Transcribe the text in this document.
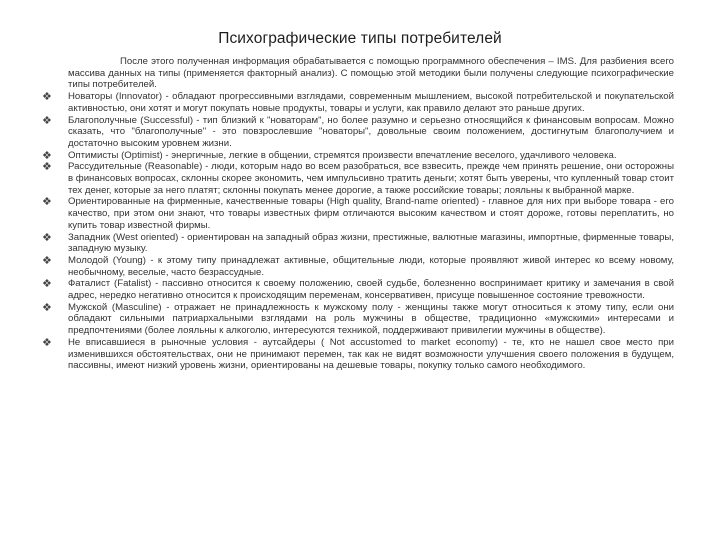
Психографические типы потребителей

После этого полученная информация обрабатывается с помощью программного обеспечения – IMS. Для разбиения всего массива данных на типы (применяется факторный анализ). С помощью этой методики были получены следующие психографические типы потребителей.

❖ Новаторы (Innovator) - обладают прогрессивными взглядами, современным мышлением, высокой потребительской и покупательской активностью, они хотят и могут покупать новые продукты, товары и услуги, как правило делают это раньше других.
❖ Благополучные (Successful) - тип близкий к "новаторам", но более разумно и серьезно относящийся к финансовым вопросам. Можно сказать, что "благополучные" - это повзрослевшие "новаторы", довольные своим положением, достигнутым благополучием и достаточно высоким уровнем жизни.
❖ Оптимисты (Optimist) - энергичные, легкие в общении, стремятся произвести впечатление веселого, удачливого человека.
❖ Рассудительные (Reasonable) - люди, которым надо во всем разобраться, все взвесить, прежде чем принять решение, они осторожны в финансовых вопросах, склонны скорее экономить, чем импульсивно тратить деньги; хотят быть уверены, что купленный товар стоит тех денег, которые за него платят; склонны покупать менее дорогие, а также российские товары; лояльны к выбранной марке.
❖ Ориентированные на фирменные, качественные товары (High quality, Brand-name oriented) - главное для них при выборе товара - его качество, при этом они знают, что товары известных фирм отличаются высоким качеством и стоят дороже, готовы переплатить, но купить товар известной фирмы.
❖ Западник (West oriented) - ориентирован на западный образ жизни, престижные, валютные магазины, импортные, фирменные товары, западную музыку.
❖ Молодой (Young) - к этому типу принадлежат активные, общительные люди, которые проявляют живой интерес ко всему новому, необычному, веселые, часто безрассудные.
❖ Фаталист (Fatalist) - пассивно относится к своему положению, своей судьбе, болезненно воспринимает критику и замечания в свой адрес, нередко негативно относится к происходящим переменам, консервативен, присуще повышенное состояние тревожности.
❖ Мужской (Masculine) - отражает не принадлежность к мужскому полу - женщины также могут относиться к этому типу, если они обладают сильными патриархальными взглядами на роль мужчины в обществе, традиционно «мужскими» интересами и предпочтениями (более лояльны к алкоголю, интересуются техникой, поддерживают привилегии мужчины в обществе).
❖ Не вписавшиеся в рыночные условия - аутсайдеры ( Not accustomed to market economy) - те, кто не нашел свое место при изменившихся обстоятельствах, они не принимают перемен, так как не видят возможности улучшения своего положения в будущем, пассивны, имеют низкий уровень жизни, ориентированы на дешевые товары, покупку только самого необходимого.
